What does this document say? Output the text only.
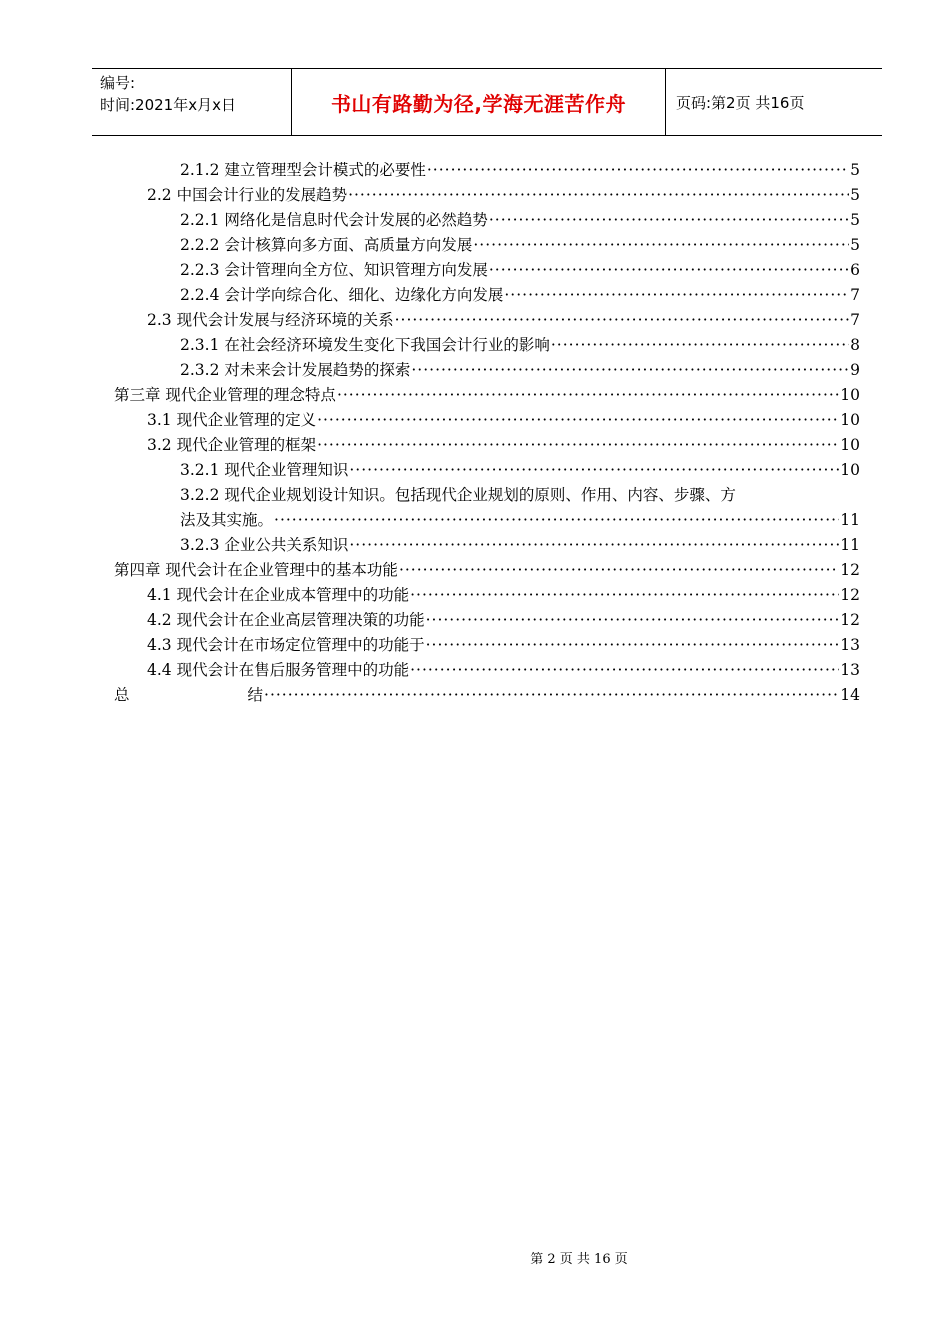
编号:
时间:2021年x月x日	书山有路勤为径,学海无涯苦作舟	页码:第2页 共16页
2.1.2 建立管理型会计模式的必要性 ·····	5
2.2 中国会计行业的发展趋势 ·····	5
2.2.1 网络化是信息时代会计发展的必然趋势 ·····	5
2.2.2 会计核算向多方面、高质量方向发展 ·····	5
2.2.3 会计管理向全方位、知识管理方向发展 ·····	6
2.2.4 会计学向综合化、细化、边缘化方向发展 ·····	7
2.3 现代会计发展与经济环境的关系 ·····	7
2.3.1 在社会经济环境发生变化下我国会计行业的影响 ·····	8
2.3.2 对未来会计发展趋势的探索 ·····	9
第三章 现代企业管理的理念特点 ·····	10
3.1 现代企业管理的定义 ·····	10
3.2 现代企业管理的框架 ·····	10
3.2.1 现代企业管理知识 ·····	10
3.2.2 现代企业规划设计知识。包括现代企业规划的原则、作用、内容、步骤、方
法及其实施。 ·····	11
3.2.3 企业公共关系知识 ·····	11
第四章 现代会计在企业管理中的基本功能 ·····	12
4.1 现代会计在企业成本管理中的功能 ·····	12
4.2 现代会计在企业高层管理决策的功能 ·····	12
4.3 现代会计在市场定位管理中的功能于 ·····	13
4.4 现代会计在售后服务管理中的功能 ·····	13
总	结 ·····	14
第 2 页 共 16 页
